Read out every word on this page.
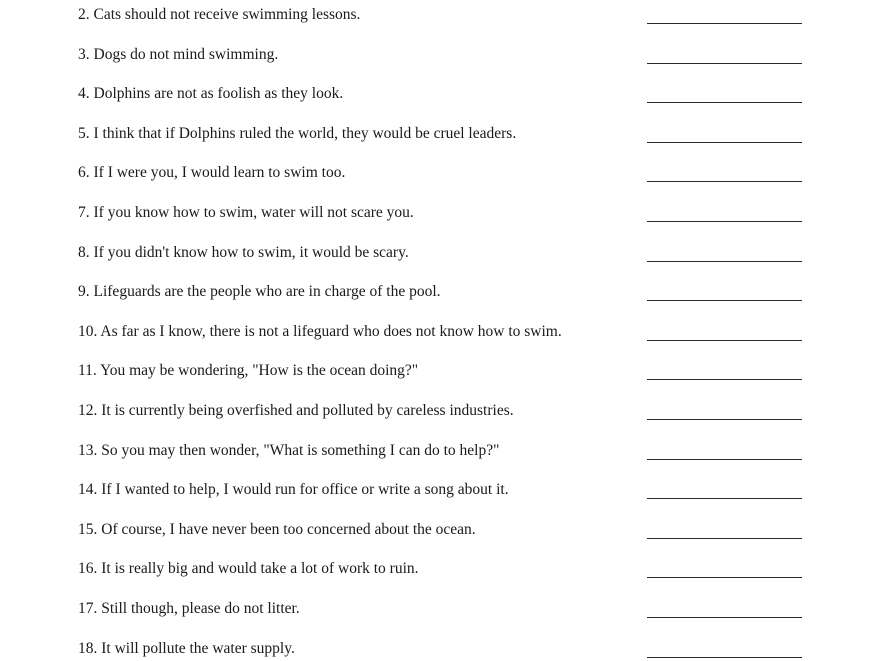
2. Cats should not receive swimming lessons.
3. Dogs do not mind swimming.
4. Dolphins are not as foolish as they look.
5. I think that if Dolphins ruled the world, they would be cruel leaders.
6. If I were you, I would learn to swim too.
7. If you know how to swim, water will not scare you.
8. If you didn't know how to swim, it would be scary.
9. Lifeguards are the people who are in charge of the pool.
10. As far as I know, there is not a lifeguard who does not know how to swim.
11. You may be wondering, "How is the ocean doing?"
12. It is currently being overfished and polluted by careless industries.
13. So you may then wonder, "What is something I can do to help?"
14. If I wanted to help, I would run for office or write a song about it.
15. Of course, I have never been too concerned about the ocean.
16. It is really big and would take a lot of work to ruin.
17. Still though, please do not litter.
18. It will pollute the water supply.
